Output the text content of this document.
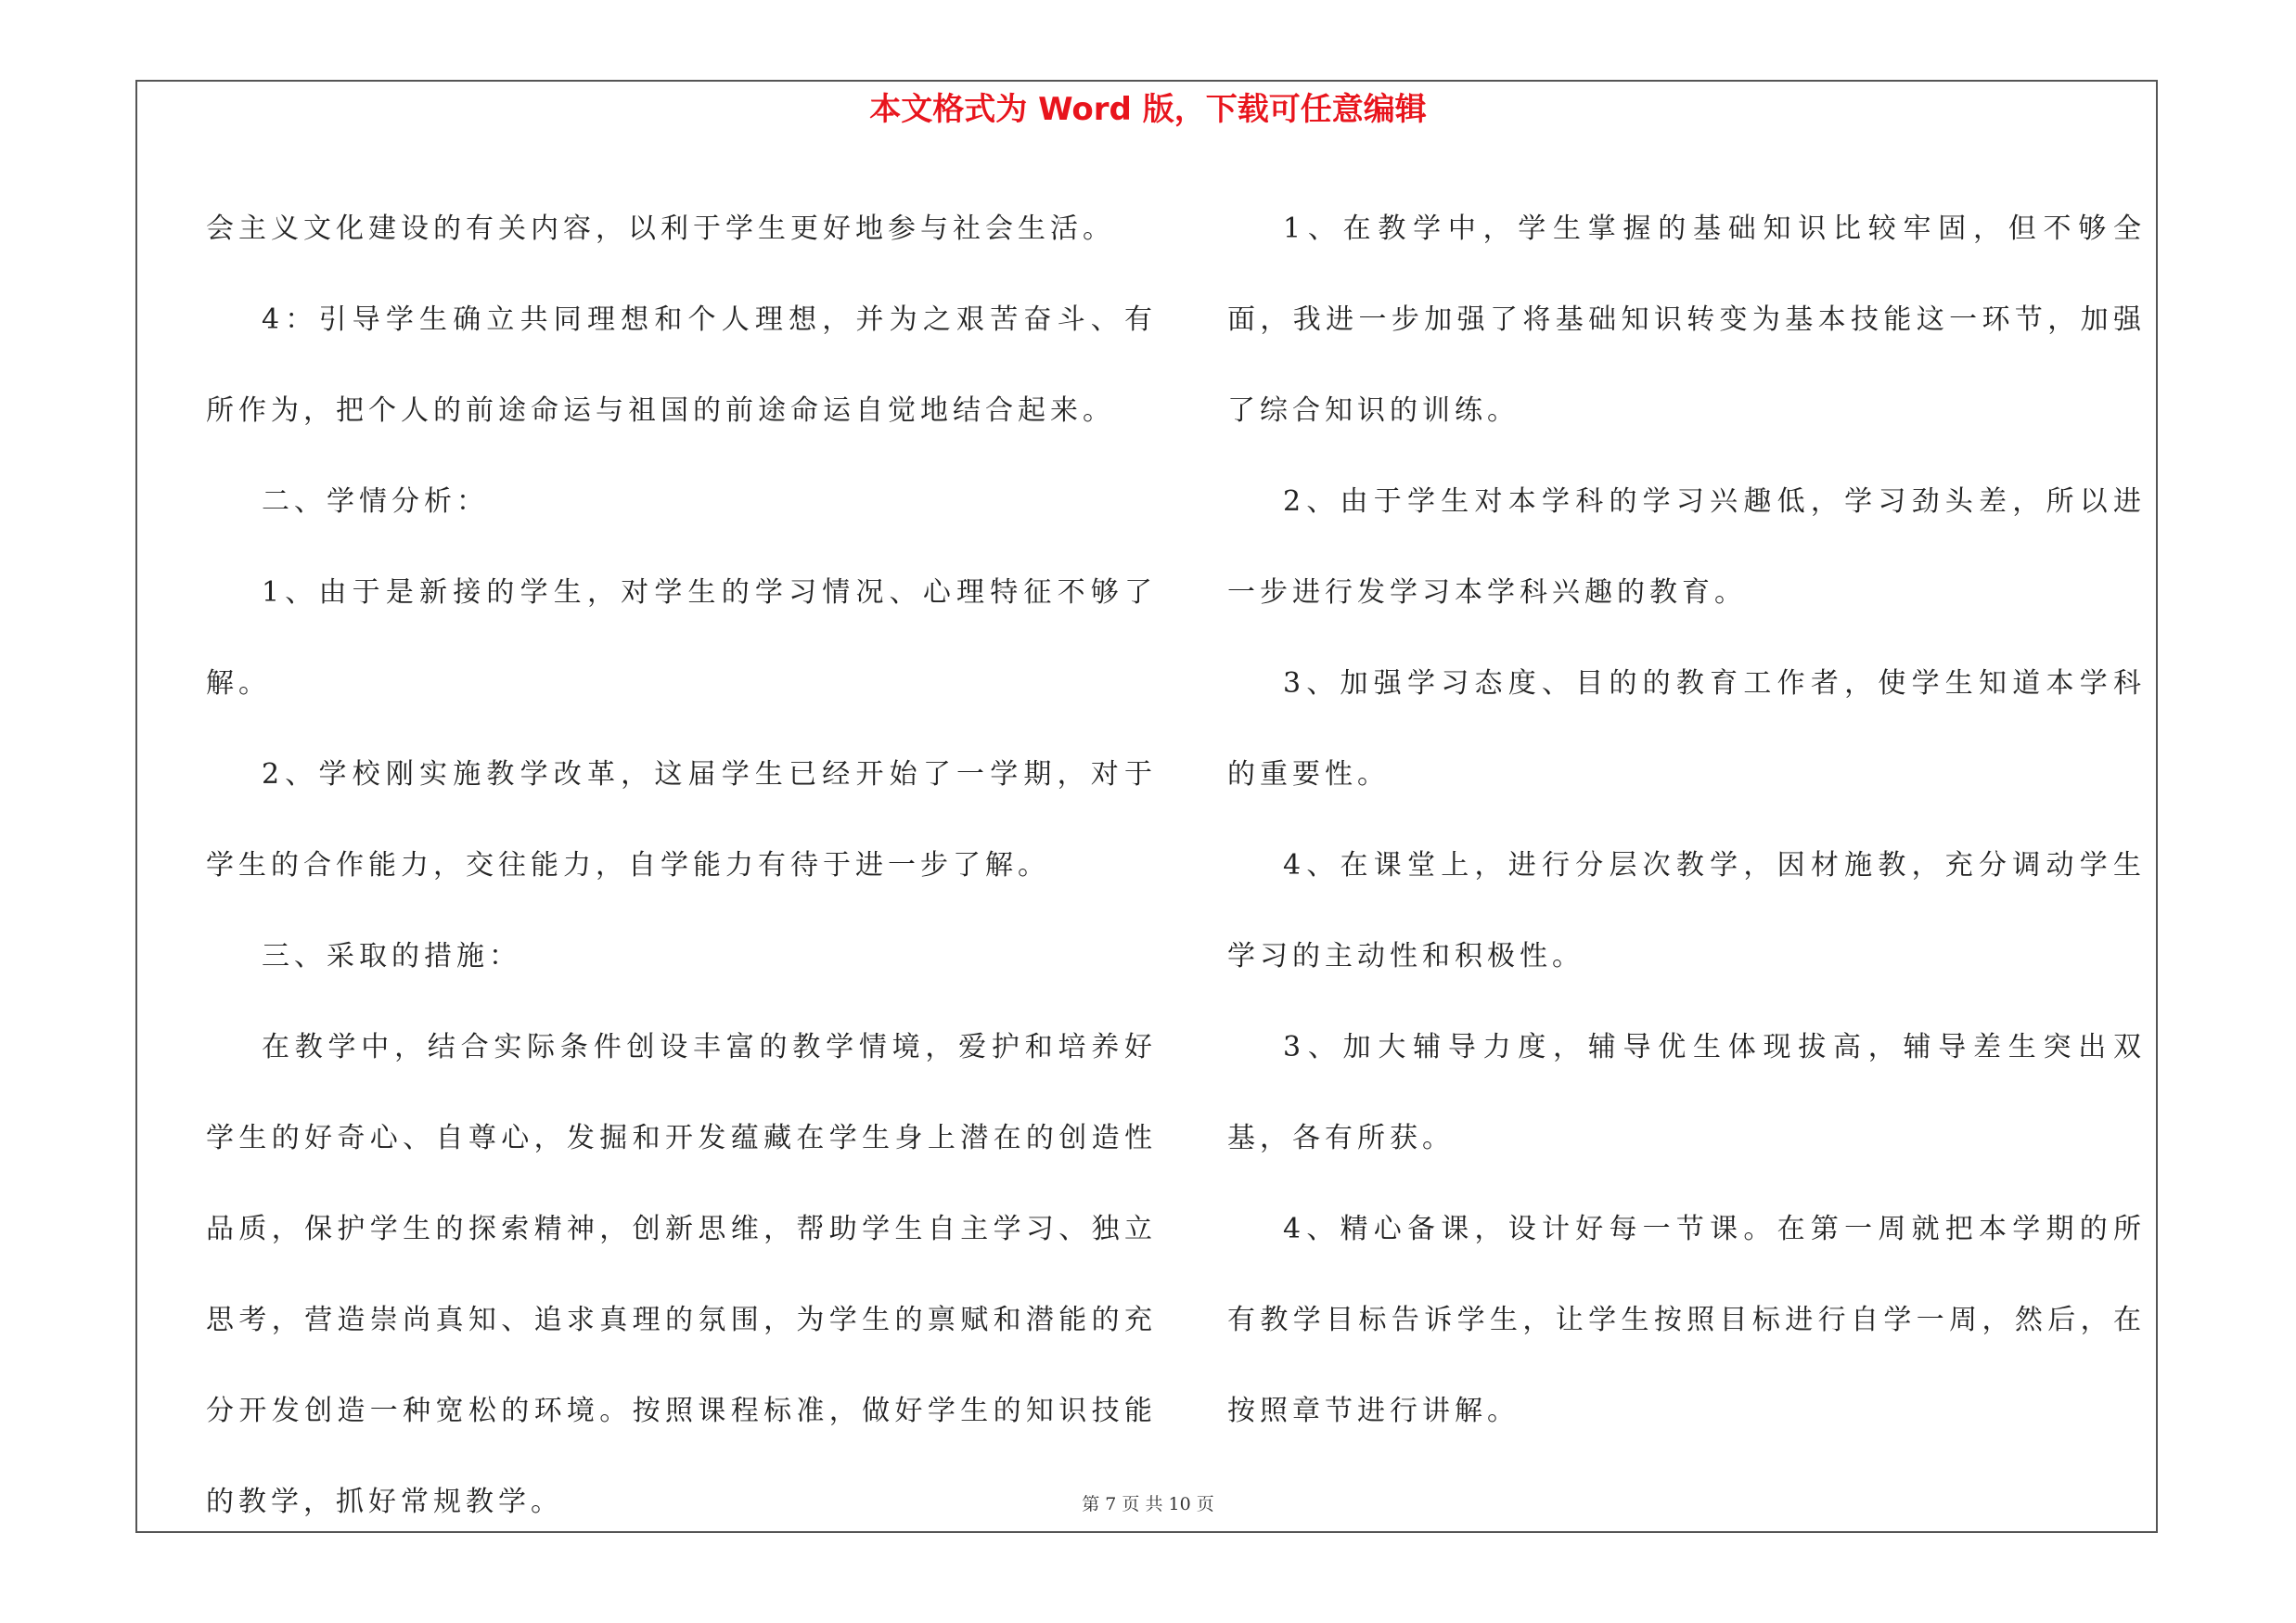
本文格式为 Word 版，下载可任意编辑

会主义文化建设的有关内容，以利于学生更好地参与社会生活。

4：引导学生确立共同理想和个人理想，并为之艰苦奋斗、有所作为，把个人的前途命运与祖国的前途命运自觉地结合起来。

二、学情分析：

1、由于是新接的学生，对学生的学习情况、心理特征不够了解。

2、学校刚实施教学改革，这届学生已经开始了一学期，对于学生的合作能力，交往能力，自学能力有待于进一步了解。

三、采取的措施：

在教学中，结合实际条件创设丰富的教学情境，爱护和培养好学生的好奇心、自尊心，发掘和开发蕴藏在学生身上潜在的创造性品质，保护学生的探索精神，创新思维，帮助学生自主学习、独立思考，营造崇尚真知、追求真理的氛围，为学生的禀赋和潜能的充分开发创造一种宽松的环境。按照课程标准，做好学生的知识技能的教学，抓好常规教学。

1、在教学中，学生掌握的基础知识比较牢固，但不够全面，我进一步加强了将基础知识转变为基本技能这一环节，加强了综合知识的训练。

2、由于学生对本学科的学习兴趣低，学习劲头差，所以进一步进行发学习本学科兴趣的教育。

3、加强学习态度、目的的教育工作者，使学生知道本学科的重要性。

4、在课堂上，进行分层次教学，因材施教，充分调动学生学习的主动性和积极性。

3、加大辅导力度，辅导优生体现拔高，辅导差生突出双基，各有所获。

4、精心备课，设计好每一节课。在第一周就把本学期的所有教学目标告诉学生，让学生按照目标进行自学一周，然后，在按照章节进行讲解。

第 7 页 共 10 页
